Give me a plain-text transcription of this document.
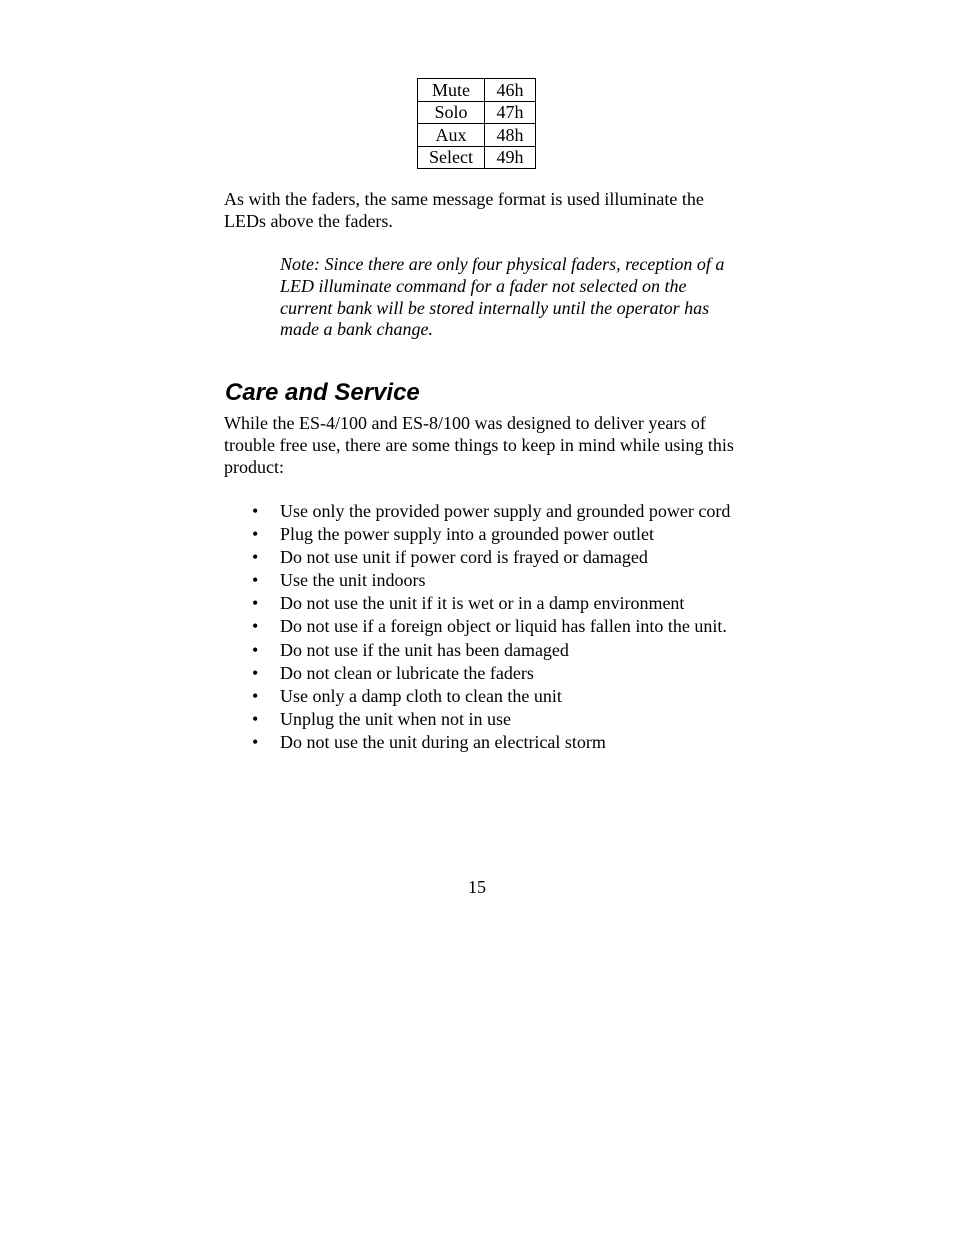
Mute	46h
Solo	47h
Aux	48h
Select	49h

As with the faders, the same message format is used illuminate the LEDs above the faders.

Note: Since there are only four physical faders, reception of a LED illuminate command for a fader not selected on the current bank will be stored internally until the operator has made a bank change.

Care and Service

While the ES-4/100 and ES-8/100 was designed to deliver years of trouble free use, there are some things to keep in mind while using this product:

•	Use only the provided power supply and grounded power cord
•	Plug the power supply into a grounded power outlet
•	Do not use unit if power cord is frayed or damaged
•	Use the unit indoors
•	Do not use the unit if it is wet or in a damp environment
•	Do not use if a foreign object or liquid has fallen into the unit.
•	Do not use if the unit has been damaged
•	Do not clean or lubricate the faders
•	Use only a damp cloth to clean the unit
•	Unplug the unit when not in use
•	Do not use the unit during an electrical storm
15
